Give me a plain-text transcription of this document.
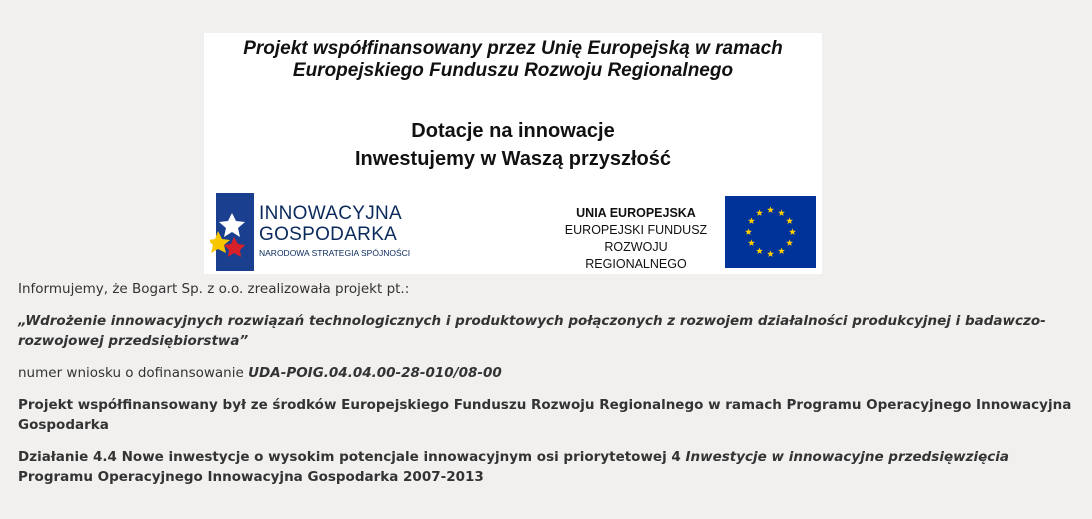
Projekt współfinansowany przez Unię Europejską w ramach
Europejskiego Funduszu Rozwoju Regionalnego
Dotacje na innowacje
Inwestujemy w Waszą przyszłość
INNOWACYJNA
GOSPODARKA
NARODOWA STRATEGIA SPÓJNOŚCI
UNIA EUROPEJSKA
EUROPEJSKI FUNDUSZ
ROZWOJU REGIONALNEGO

Informujemy, że Bogart Sp. z o.o. zrealizowała projekt pt.:

„Wdrożenie innowacyjnych rozwiązań technologicznych i produktowych połączonych z rozwojem działalności produkcyjnej i badawczo-rozwojowej przedsiębiorstwa”

numer wniosku o dofinansowanie UDA-POIG.04.04.00-28-010/08-00

Projekt współfinansowany był ze środków Europejskiego Funduszu Rozwoju Regionalnego w ramach Programu Operacyjnego Innowacyjna Gospodarka

Działanie 4.4 Nowe inwestycje o wysokim potencjale innowacyjnym osi priorytetowej 4 Inwestycje w innowacyjne przedsięwzięcia Programu Operacyjnego Innowacyjna Gospodarka 2007-2013
